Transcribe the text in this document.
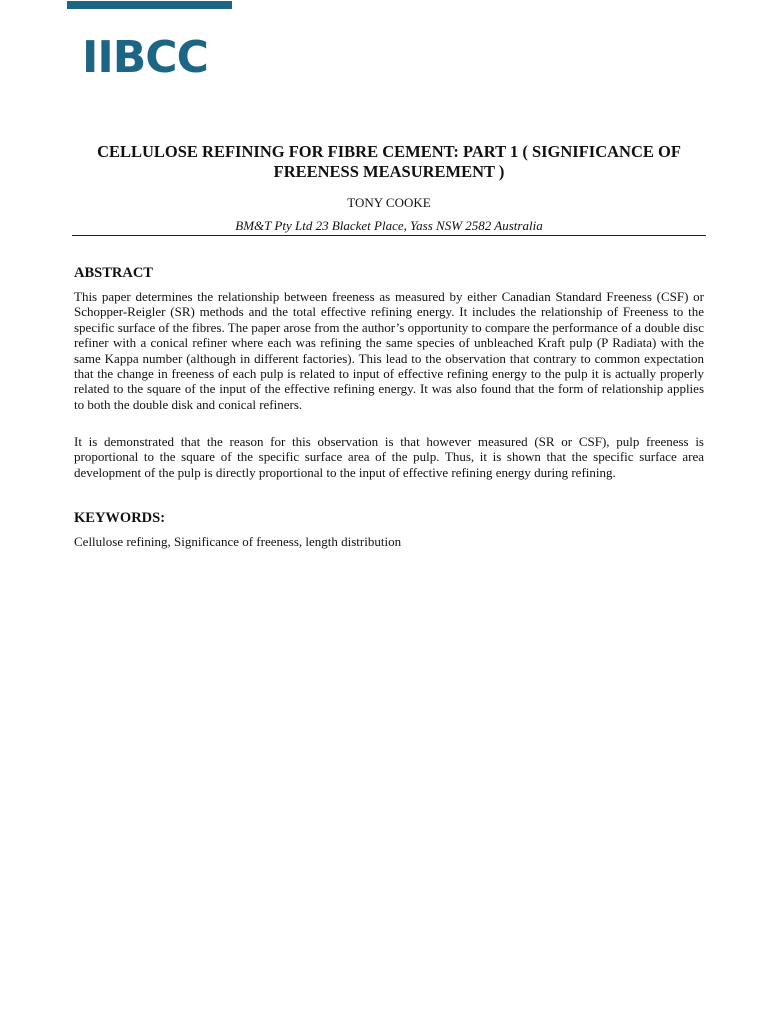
IIBCC
CELLULOSE REFINING FOR FIBRE CEMENT: PART 1 ( SIGNIFICANCE OF FREENESS MEASUREMENT )
TONY COOKE
BM&T Pty Ltd 23 Blacket Place, Yass NSW 2582 Australia
ABSTRACT

This paper determines the relationship between freeness as measured by either Canadian Standard Freeness (CSF) or Schopper-Reigler (SR) methods and the total effective refining energy. It includes the relationship of Freeness to the specific surface of the fibres. The paper arose from the author’s opportunity to compare the performance of a double disc refiner with a conical refiner where each was refining the same species of unbleached Kraft pulp (P Radiata) with the same Kappa number (although in different factories). This lead to the observation that contrary to common expectation that the change in freeness of each pulp is related to input of effective refining energy to the pulp it is actually properly related to the square of the input of the effective refining energy. It was also found that the form of relationship applies to both the double disk and conical refiners.

It is demonstrated that the reason for this observation is that however measured (SR or CSF), pulp freeness is proportional to the square of the specific surface area of the pulp. Thus, it is shown that the specific surface area development of the pulp is directly proportional to the input of effective refining energy during refining.

KEYWORDS:
Cellulose refining, Significance of freeness, length distribution
